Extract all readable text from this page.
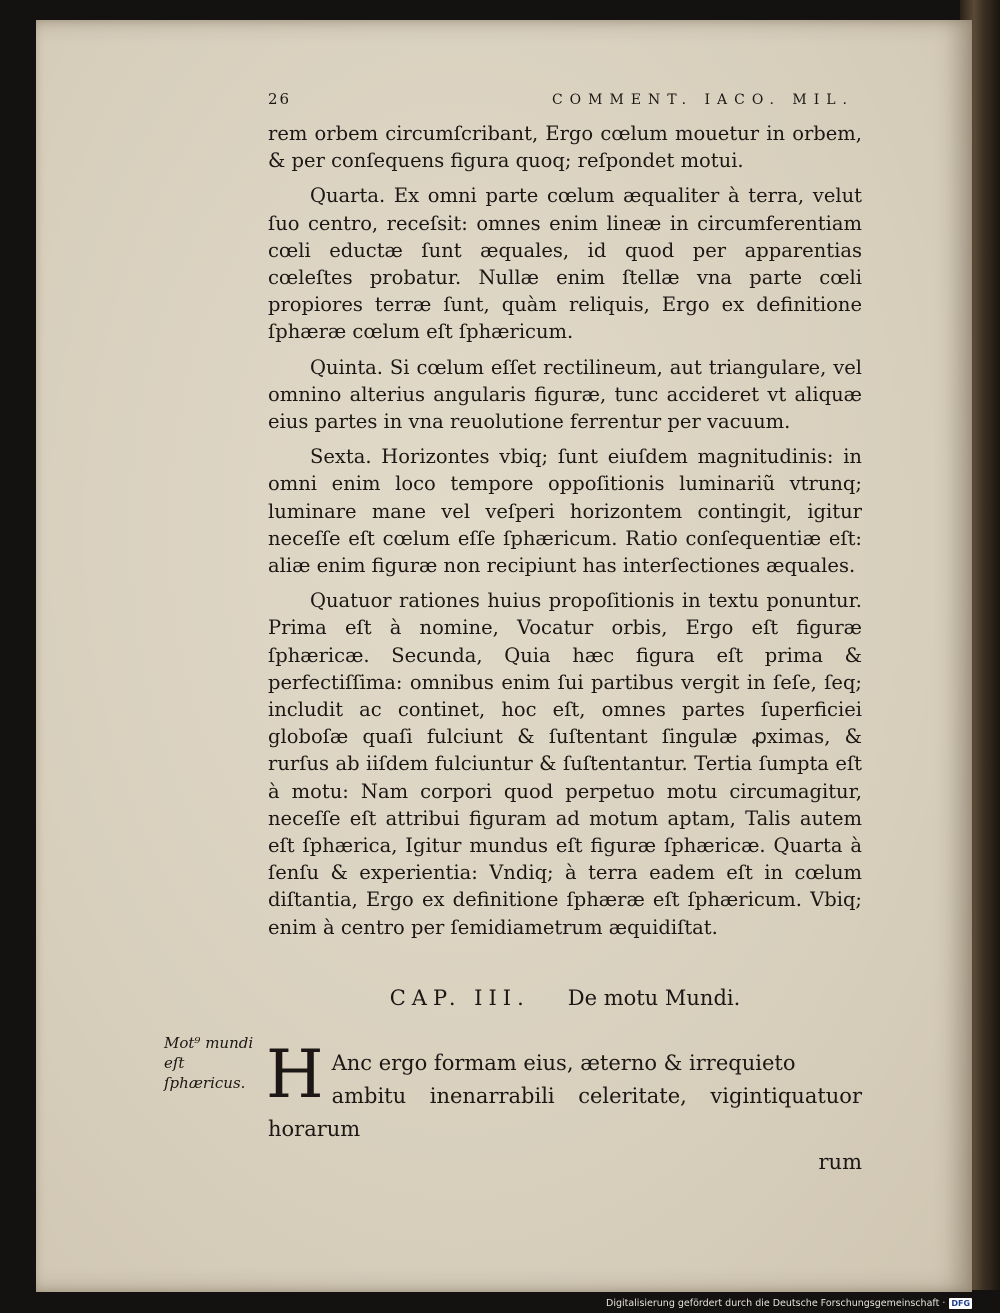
26	COMMENT. IACO. MIL.

rem orbem circumſcribant, Ergo cœlum mouetur in orbem, & per conſequens figura quoq; reſpondet motui.

Quarta. Ex omni parte cœlum æqualiter à terra, velut ſuo centro, receſsit: omnes enim lineæ in circumferentiam cœli eductæ ſunt æquales, id quod per apparentias cœleſtes probatur. Nullæ enim ſtellæ vna parte cœli propiores terræ ſunt, quàm reliquis, Ergo ex definitione ſphæræ cœlum eſt ſphæricum.

Quinta. Si cœlum eſſet rectilineum, aut triangulare, vel omnino alterius angularis figuræ, tunc accideret vt aliquæ eius partes in vna reuolutione ferrentur per vacuum.

Sexta. Horizontes vbiq; ſunt eiuſdem magnitudinis: in omni enim loco tempore oppoſitionis luminariũ vtrunq; luminare mane vel veſperi horizontem contingit, igitur neceſſe eſt cœlum eſſe ſphæricum. Ratio conſequentiæ eſt: aliæ enim figuræ non recipiunt has interſectiones æquales.

Quatuor rationes huius propoſitionis in textu ponuntur. Prima eſt à nomine, Vocatur orbis, Ergo eſt figuræ ſphæricæ. Secunda, Quia hæc figura eſt prima & perfectiſſima: omnibus enim ſui partibus vergit in ſeſe, ſeq; includit ac continet, hoc eſt, omnes partes ſuperficiei globoſæ quaſi fulciunt & ſuſtentant ſingulæ ꝓximas, & rurſus ab iiſdem fulciuntur & ſuſtentantur. Tertia ſumpta eſt à motu: Nam corpori quod perpetuo motu circumagitur, neceſſe eſt attribui figuram ad motum aptam, Talis autem eſt ſphærica, Igitur mundus eſt figuræ ſphæricæ. Quarta à ſenſu & experientia: Vndiq; à terra eadem eſt in cœlum diſtantia, Ergo ex definitione ſphæræ eſt ſphæricum. Vbiq; enim à centro per ſemidiametrum æquidiſtat.

CAP. III. De motu Mundi.
H Anc ergo formam eius, æterno & irrequieto

ambitu inenarrabili celeritate, vigintiquatuor horarum

rum

Mot⁹ mundi eſt ſphæricus.
Digitalisierung gefördert durch die Deutsche Forschungsgemeinschaft · DFG
